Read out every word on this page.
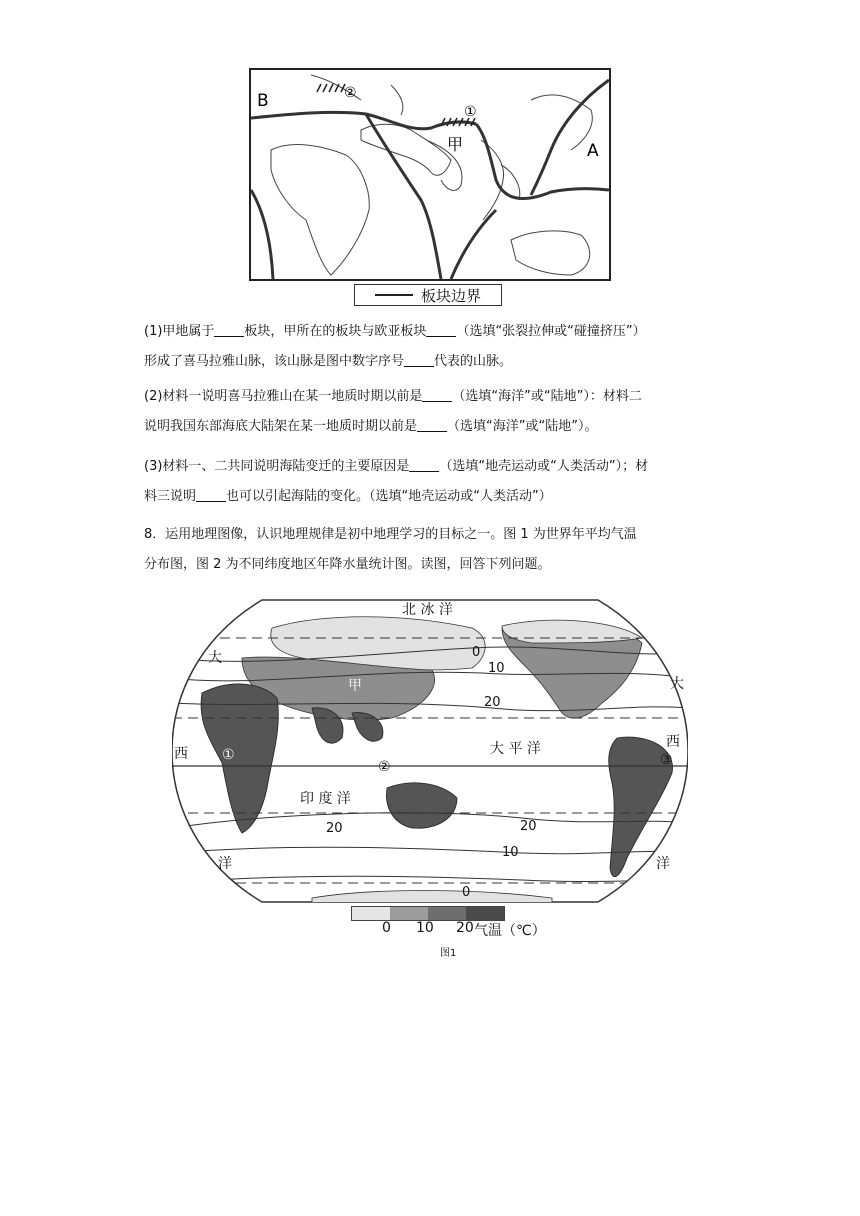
B
A
甲
①
②
板块边界
(1)甲地属于 板块，甲所在的板块与欧亚板块 （选填“张裂拉伸或“碰撞挤压”）
形成了喜马拉雅山脉，该山脉是图中数字序号 代表的山脉。
(2)材料一说明喜马拉雅山在某一地质时期以前是 （选填“海洋”或“陆地”）：材料二
说明我国东部海底大陆架在某一地质时期以前是 （选填“海洋”或“陆地”）。
(3)材料一、二共同说明海陆变迁的主要原因是 （选填“地壳运动或“人类活动”）；材
料三说明 也可以引起海陆的变化。（选填“地壳运动或“人类活动”）
8．运用地理图像，认识地理规律是初中地理学习的目标之一。图 1 为世界年平均气温
分布图，图 2 为不同纬度地区年降水量统计图。读图，回答下列问题。
北 冰 洋
大
西
洋
大
西
洋
大 平 洋
印 度 洋
甲
①
②	③
0
10
20
20	20
10
0
0 10 20 气温（℃）
图1
